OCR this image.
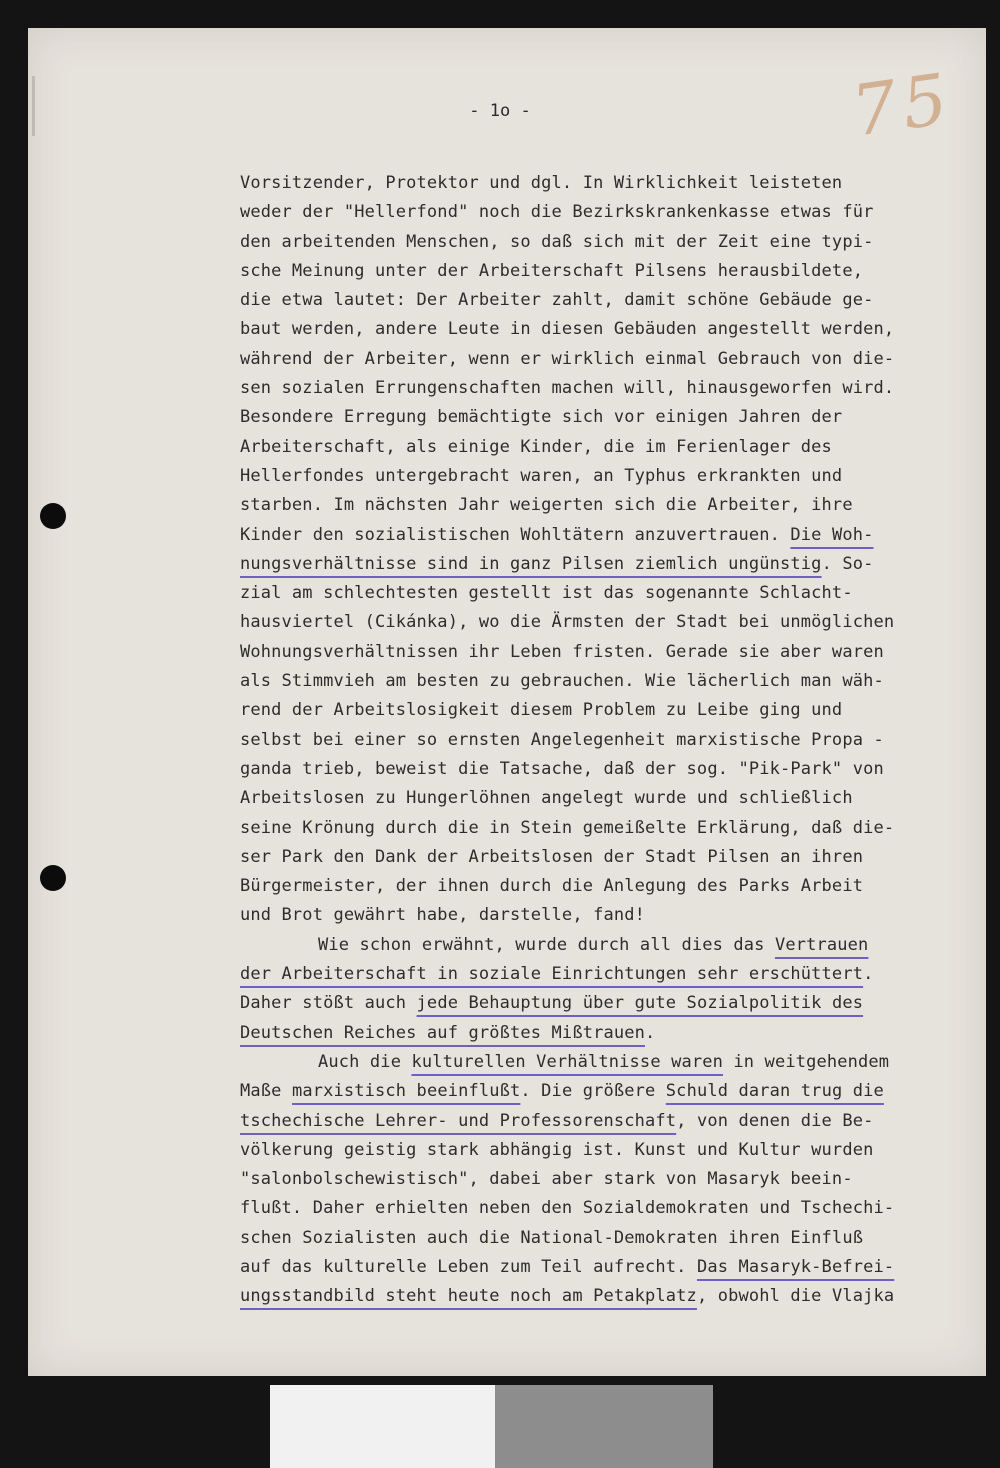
75
- 1o -
Vorsitzender, Protektor und dgl. In Wirklichkeit leisteten
weder der "Hellerfond" noch die Bezirkskrankenkasse etwas für
den arbeitenden Menschen, so daß sich mit der Zeit eine typi-
sche Meinung unter der Arbeiterschaft Pilsens herausbildete,
die etwa lautet: Der Arbeiter zahlt, damit schöne Gebäude ge-
baut werden, andere Leute in diesen Gebäuden angestellt werden,
während der Arbeiter, wenn er wirklich einmal Gebrauch von die-
sen sozialen Errungenschaften machen will, hinausgeworfen wird.
Besondere Erregung bemächtigte sich vor einigen Jahren der
Arbeiterschaft, als einige Kinder, die im Ferienlager des
Hellerfondes untergebracht waren, an Typhus erkrankten und
starben. Im nächsten Jahr weigerten sich die Arbeiter, ihre
Kinder den sozialistischen Wohltätern anzuvertrauen. Die Woh-
nungsverhältnisse sind in ganz Pilsen ziemlich ungünstig. So-
zial am schlechtesten gestellt ist das sogenannte Schlacht-
hausviertel (Cikánka), wo die Ärmsten der Stadt bei unmöglichen
Wohnungsverhältnissen ihr Leben fristen. Gerade sie aber waren
als Stimmvieh am besten zu gebrauchen. Wie lächerlich man wäh-
rend der Arbeitslosigkeit diesem Problem zu Leibe ging und
selbst bei einer so ernsten Angelegenheit marxistische Propa -
ganda trieb, beweist die Tatsache, daß der sog. "Pik-Park" von
Arbeitslosen zu Hungerlöhnen angelegt wurde und schließlich
seine Krönung durch die in Stein gemeißelte Erklärung, daß die-
ser Park den Dank der Arbeitslosen der Stadt Pilsen an ihren
Bürgermeister, der ihnen durch die Anlegung des Parks Arbeit
und Brot gewährt habe, darstelle, fand!
Wie schon erwähnt, wurde durch all dies das Vertrauen
der Arbeiterschaft in soziale Einrichtungen sehr erschüttert.
Daher stößt auch jede Behauptung über gute Sozialpolitik des
Deutschen Reiches auf größtes Mißtrauen.
Auch die kulturellen Verhältnisse waren in weitgehendem
Maße marxistisch beeinflußt. Die größere Schuld daran trug die
tschechische Lehrer- und Professorenschaft, von denen die Be-
völkerung geistig stark abhängig ist. Kunst und Kultur wurden
"salonbolschewistisch", dabei aber stark von Masaryk beein-
flußt. Daher erhielten neben den Sozialdemokraten und Tschechi-
schen Sozialisten auch die National-Demokraten ihren Einfluß
auf das kulturelle Leben zum Teil aufrecht. Das Masaryk-Befrei-
ungsstandbild steht heute noch am Petakplatz, obwohl die Vlajka
